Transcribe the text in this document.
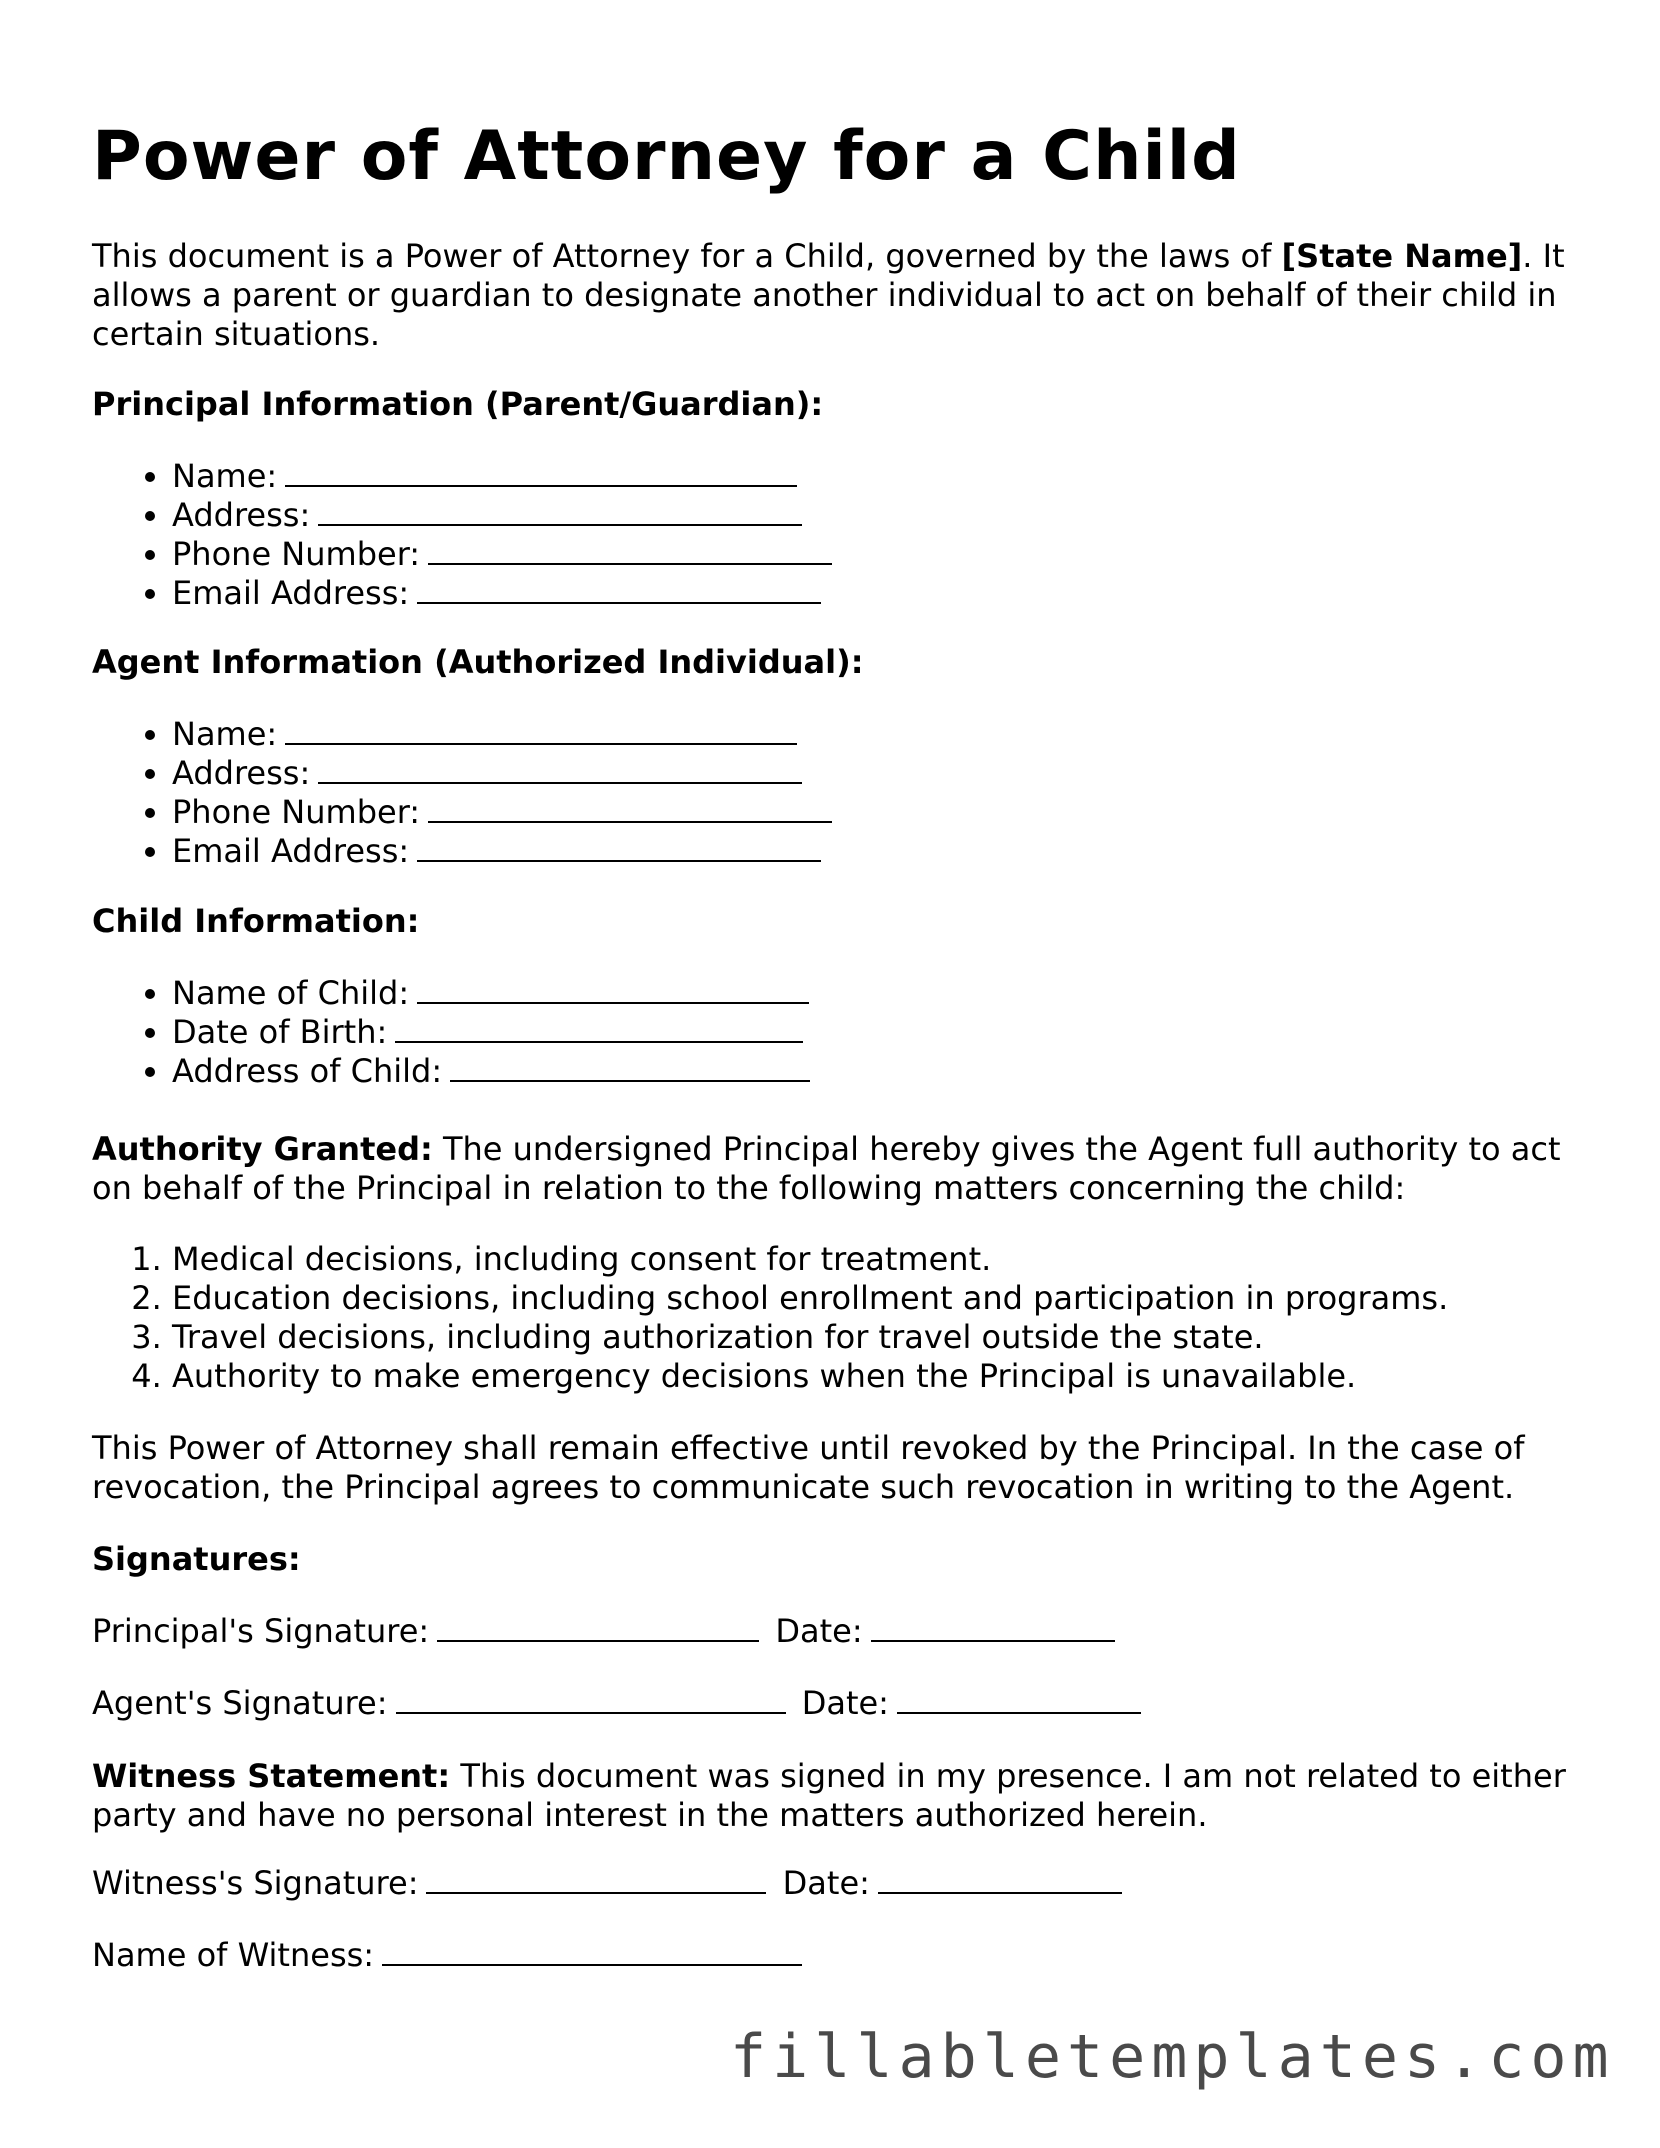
Power of Attorney for a Child

This document is a Power of Attorney for a Child, governed by the laws of [State Name]. It allows a parent or guardian to designate another individual to act on behalf of their child in certain situations.

Principal Information (Parent/Guardian):
• Name:
• Address:
• Phone Number:
• Email Address:
Agent Information (Authorized Individual):
• Name:
• Address:
• Phone Number:
• Email Address:
Child Information:
• Name of Child:
• Date of Birth:
• Address of Child:

Authority Granted: The undersigned Principal hereby gives the Agent full authority to act on behalf of the Principal in relation to the following matters concerning the child:

1. Medical decisions, including consent for treatment.
2. Education decisions, including school enrollment and participation in programs.
3. Travel decisions, including authorization for travel outside the state.
4. Authority to make emergency decisions when the Principal is unavailable.

This Power of Attorney shall remain effective until revoked by the Principal. In the case of revocation, the Principal agrees to communicate such revocation in writing to the Agent.

Signatures:
Principal's Signature:	Date:
Agent's Signature:	Date:

Witness Statement: This document was signed in my presence. I am not related to either party and have no personal interest in the matters authorized herein.

Witness's Signature:	Date:
Name of Witness:
fillabletemplates.com
